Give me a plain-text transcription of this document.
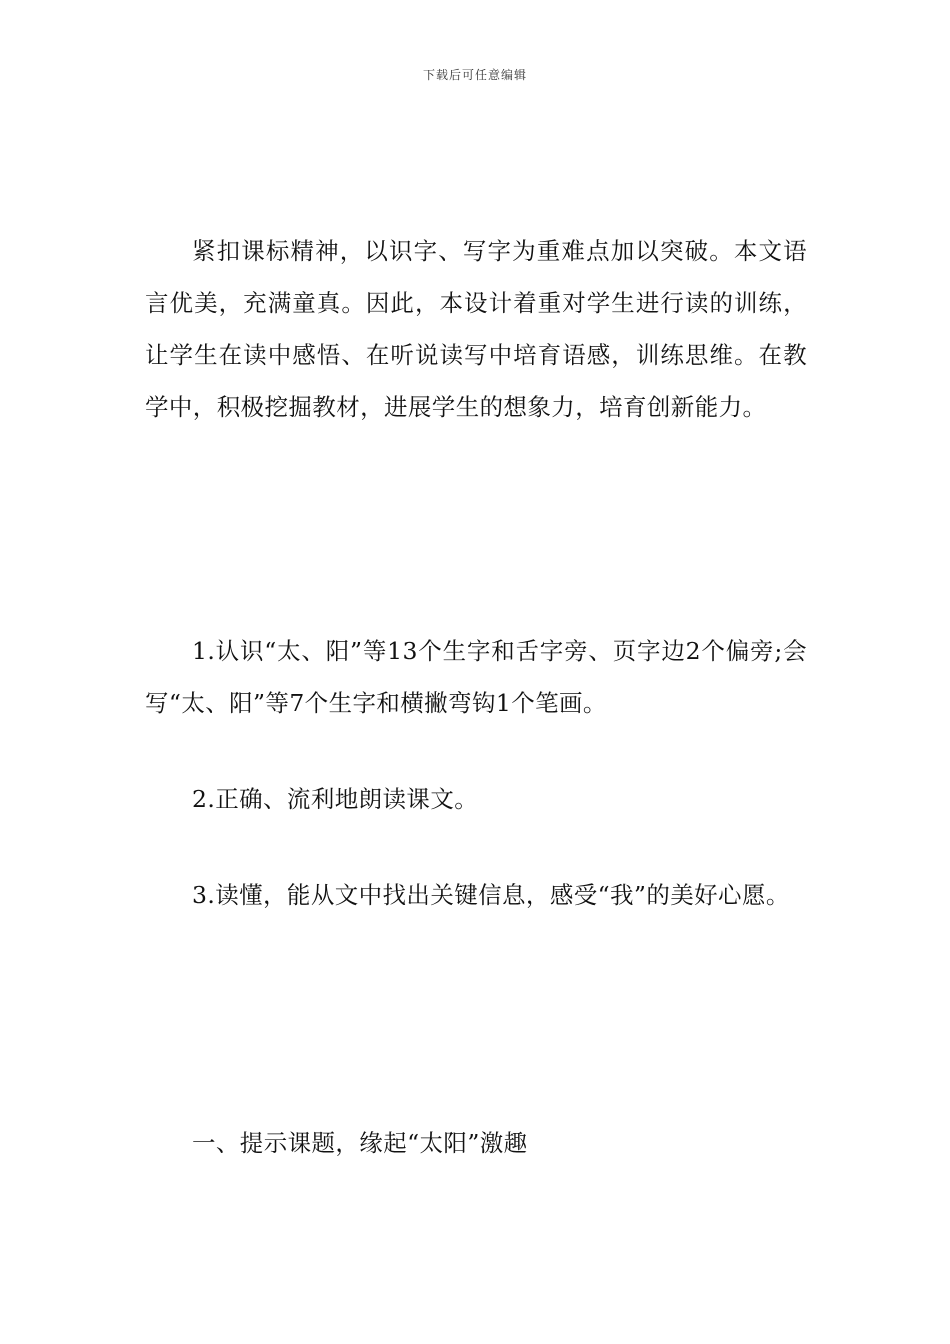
下载后可任意编辑

紧扣课标精神，以识字、写字为重难点加以突破。本文语言优美，充满童真。因此，本设计着重对学生进行读的训练，让学生在读中感悟、在听说读写中培育语感，训练思维。在教学中，积极挖掘教材，进展学生的想象力，培育创新能力。

1.认识“太、阳”等13个生字和舌字旁、页字边2个偏旁;会写“太、阳”等7个生字和横撇弯钩1个笔画。

2.正确、流利地朗读课文。

3.读懂，能从文中找出关键信息，感受“我”的美好心愿。

一、提示课题，缘起“太阳”激趣
